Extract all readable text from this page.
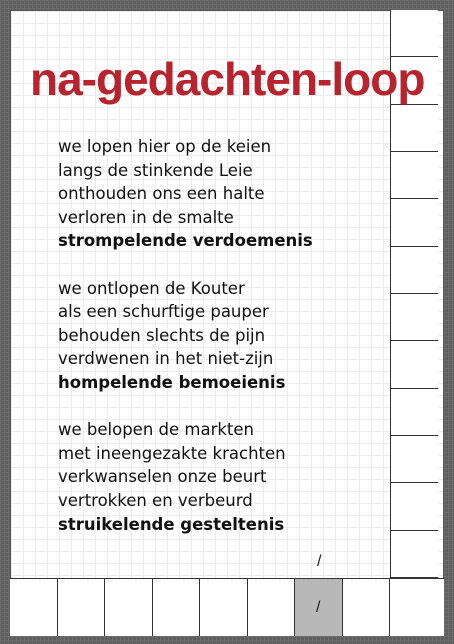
/
na-gedachten-loop
we lopen hier op de keien
langs de stinkende Leie
onthouden ons een halte
verloren in de smalte
strompelende verdoemenis
we ontlopen de Kouter
als een schurftige pauper
behouden slechts de pijn
verdwenen in het niet-zijn
hompelende bemoeienis
we belopen de markten
met ineengezakte krachten
verkwanselen onze beurt
vertrokken en verbeurd
struikelende gesteltenis
/
